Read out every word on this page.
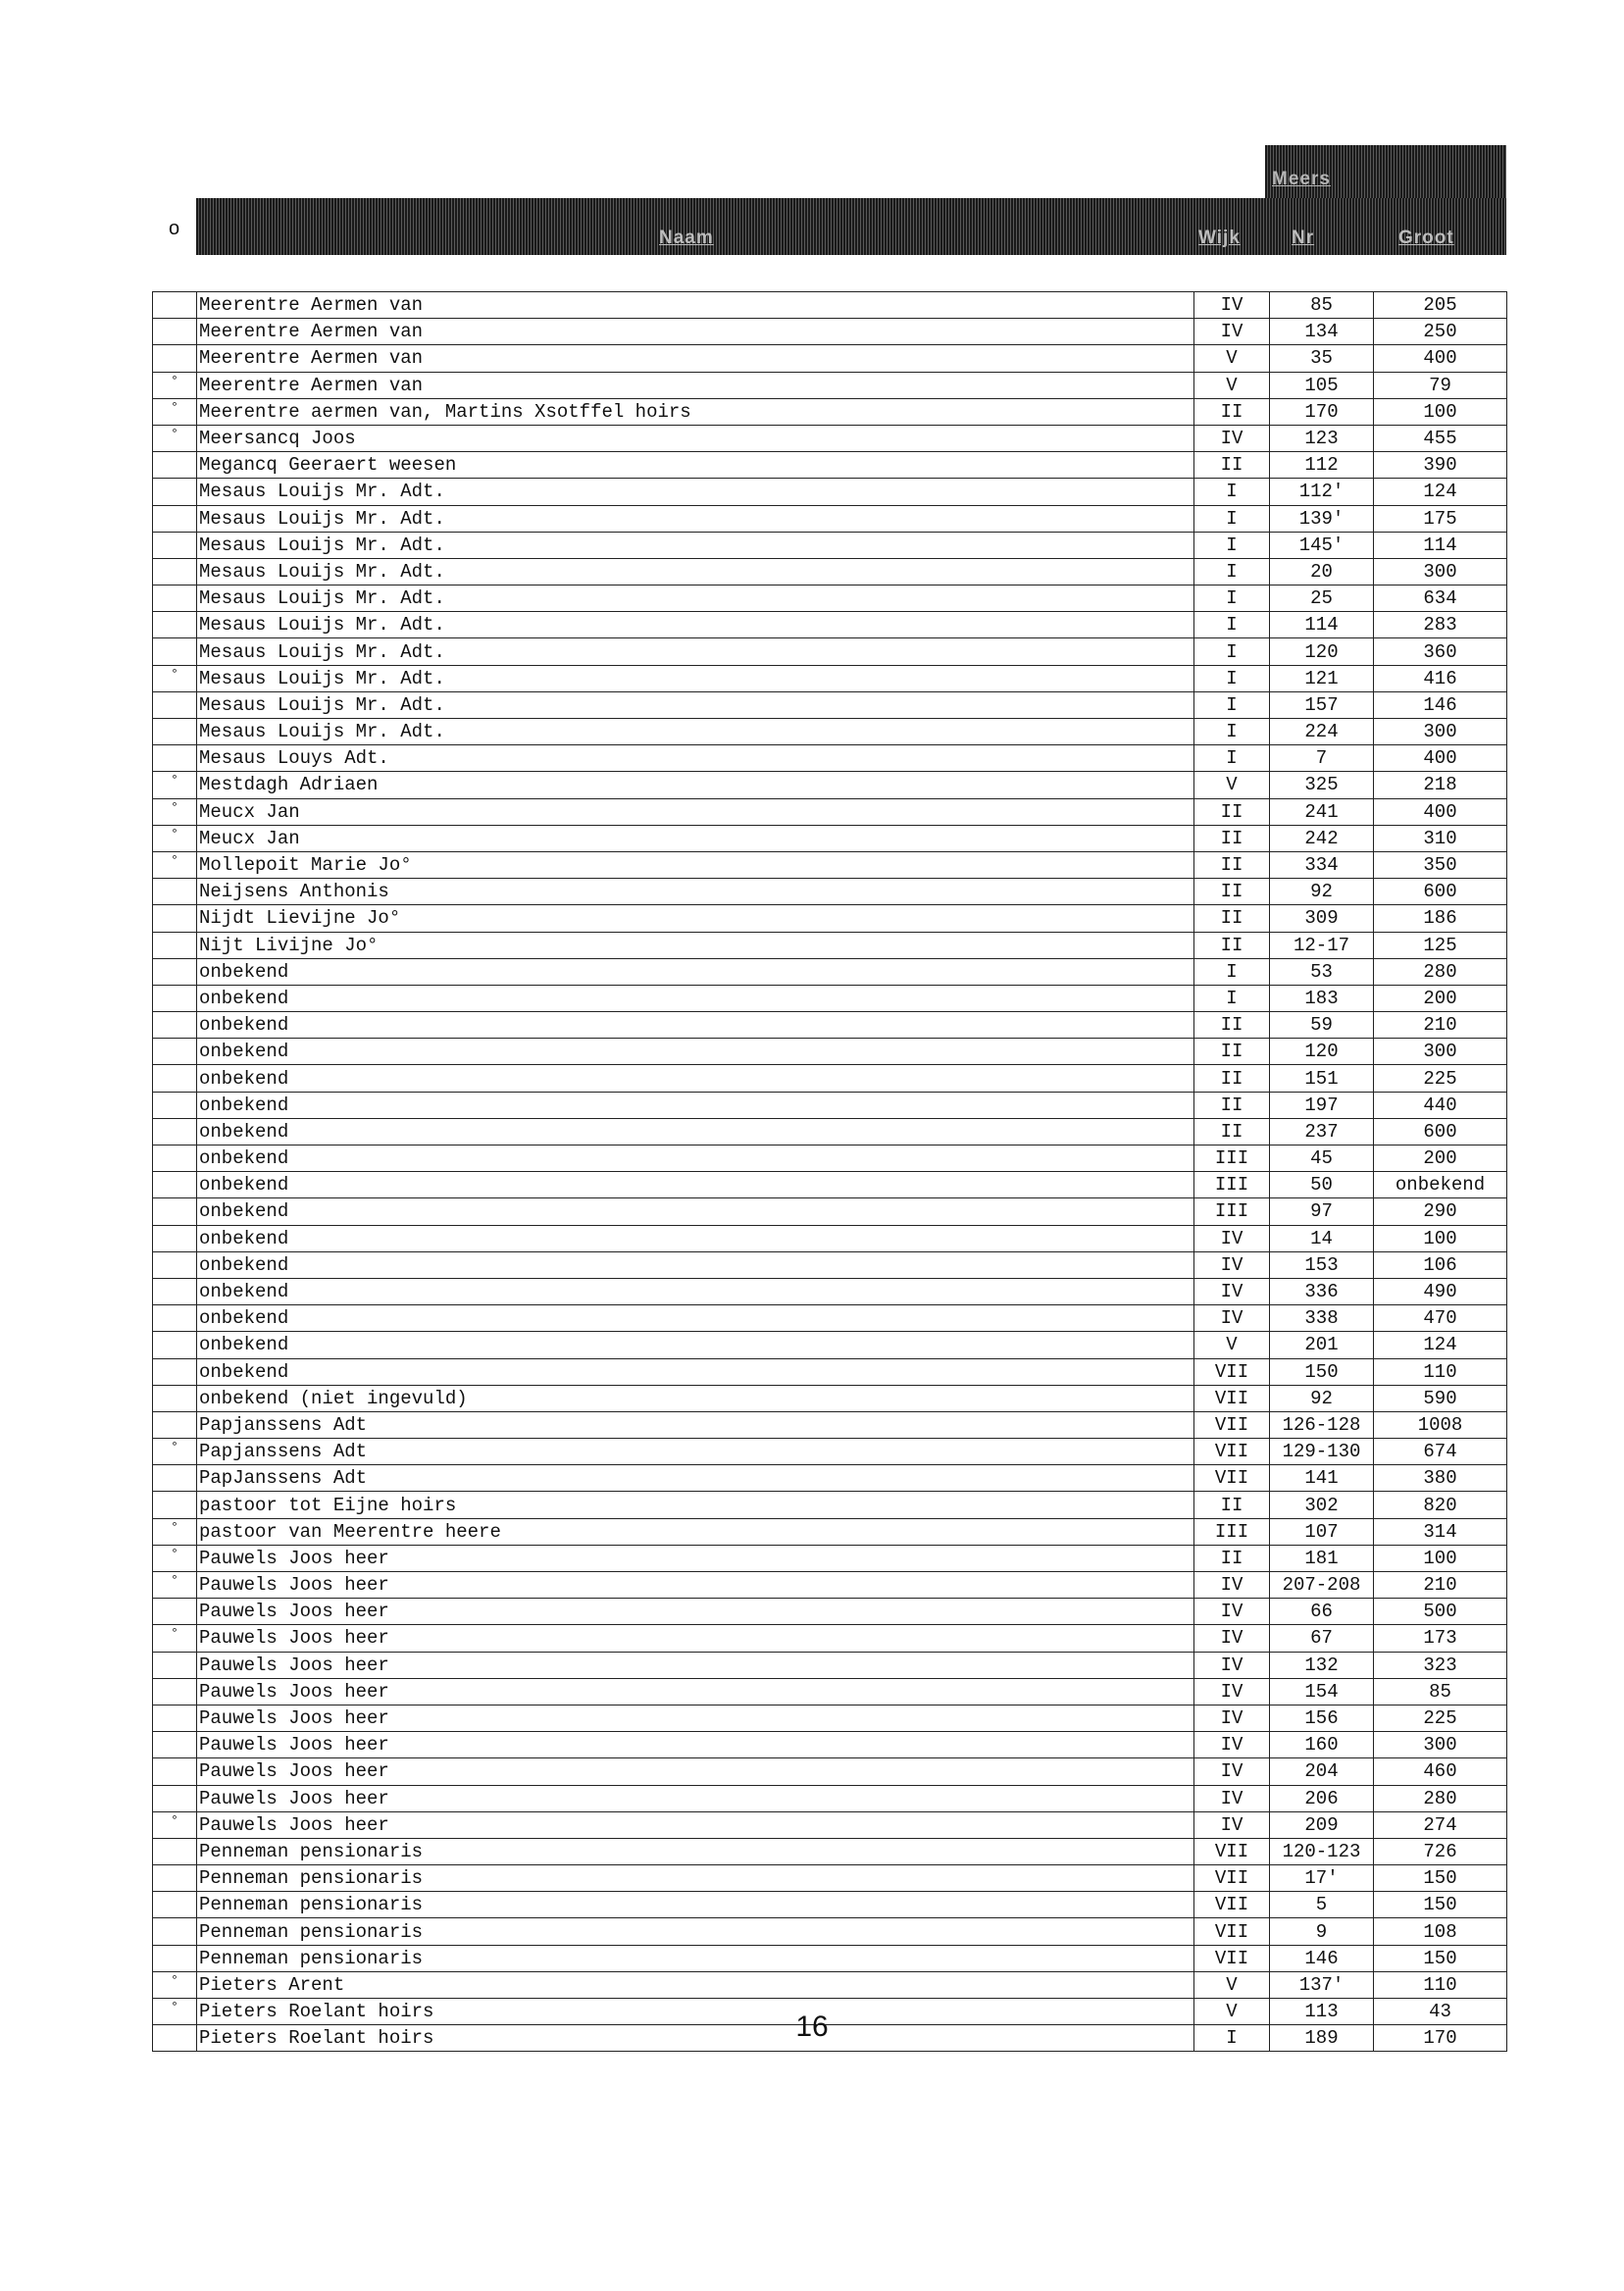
Meers
o	Naam	Wijk	Nr	Groot
	Meerentre Aermen van	IV	85	205
	Meerentre Aermen van	IV	134	250
	Meerentre Aermen van	V	35	400
°	Meerentre Aermen van	V	105	79
°	Meerentre aermen van, Martins Xsotffel hoirs	II	170	100
°	Meersancq Joos	IV	123	455
	Megancq Geeraert weesen	II	112	390
	Mesaus Louijs Mr. Adt.	I	112'	124
	Mesaus Louijs Mr. Adt.	I	139'	175
	Mesaus Louijs Mr. Adt.	I	145'	114
	Mesaus Louijs Mr. Adt.	I	20	300
	Mesaus Louijs Mr. Adt.	I	25	634
	Mesaus Louijs Mr. Adt.	I	114	283
	Mesaus Louijs Mr. Adt.	I	120	360
°	Mesaus Louijs Mr. Adt.	I	121	416
	Mesaus Louijs Mr. Adt.	I	157	146
	Mesaus Louijs Mr. Adt.	I	224	300
	Mesaus Louys Adt.	I	7	400
°	Mestdagh Adriaen	V	325	218
°	Meucx Jan	II	241	400
°	Meucx Jan	II	242	310
°	Mollepoit Marie Jo°	II	334	350
	Neijsens Anthonis	II	92	600
	Nijdt Lievijne Jo°	II	309	186
	Nijt Livijne Jo°	II	12-17	125
	onbekend	I	53	280
	onbekend	I	183	200
	onbekend	II	59	210
	onbekend	II	120	300
	onbekend	II	151	225
	onbekend	II	197	440
	onbekend	II	237	600
	onbekend	III	45	200
	onbekend	III	50	onbekend
	onbekend	III	97	290
	onbekend	IV	14	100
	onbekend	IV	153	106
	onbekend	IV	336	490
	onbekend	IV	338	470
	onbekend	V	201	124
	onbekend	VII	150	110
	onbekend (niet ingevuld)	VII	92	590
	Papjanssens Adt	VII	126-128	1008
°	Papjanssens Adt	VII	129-130	674
	PapJanssens Adt	VII	141	380
	pastoor tot Eijne hoirs	II	302	820
°	pastoor van Meerentre heere	III	107	314
°	Pauwels Joos heer	II	181	100
°	Pauwels Joos heer	IV	207-208	210
	Pauwels Joos heer	IV	66	500
°	Pauwels Joos heer	IV	67	173
	Pauwels Joos heer	IV	132	323
	Pauwels Joos heer	IV	154	85
	Pauwels Joos heer	IV	156	225
	Pauwels Joos heer	IV	160	300
	Pauwels Joos heer	IV	204	460
	Pauwels Joos heer	IV	206	280
°	Pauwels Joos heer	IV	209	274
	Penneman pensionaris	VII	120-123	726
	Penneman pensionaris	VII	17'	150
	Penneman pensionaris	VII	5	150
	Penneman pensionaris	VII	9	108
	Penneman pensionaris	VII	146	150
°	Pieters Arent	V	137'	110
°	Pieters Roelant hoirs	V	113	43
	Pieters Roelant hoirs	I	189	170
16
